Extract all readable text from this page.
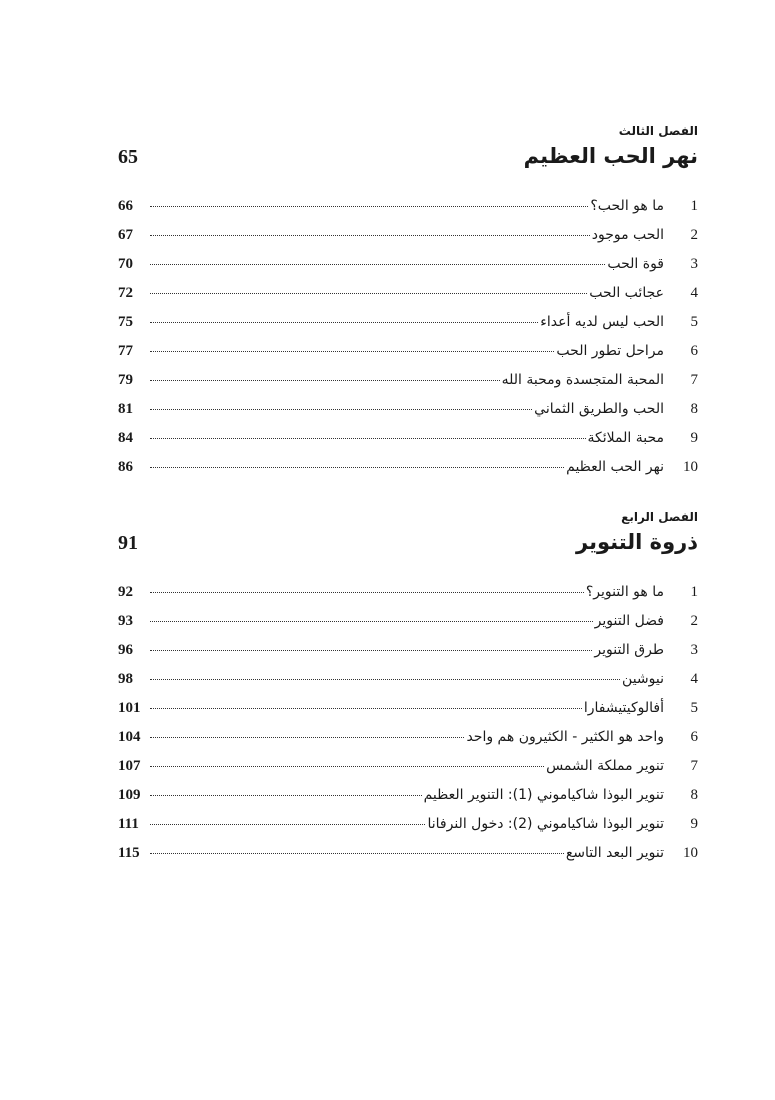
الفصل الثالث
نهر الحب العظيم
65
1
ما هو الحب؟
66
2
الحب موجود
67
3
قوة الحب
70
4
عجائب الحب
72
5
الحب ليس لديه أعداء
75
6
مراحل تطور الحب
77
7
المحبة المتجسدة ومحبة الله
79
8
الحب والطريق الثماني
81
9
محبة الملائكة
84
10
نهر الحب العظيم
86
الفصل الرابع
ذروة التنوير
91
1
ما هو التنوير؟
92
2
فضل التنوير
93
3
طرق التنوير
96
4
نيوشين
98
5
أفالوكيتيشفارا
101
6
واحد هو الكثير - الكثيرون هم واحد
104
7
تنوير مملكة الشمس
107
8
تنوير البوذا شاكياموني (1): التنوير العظيم
109
9
تنوير البوذا شاكياموني (2): دخول النرفانا
111
10
تنوير البعد التاسع
115
